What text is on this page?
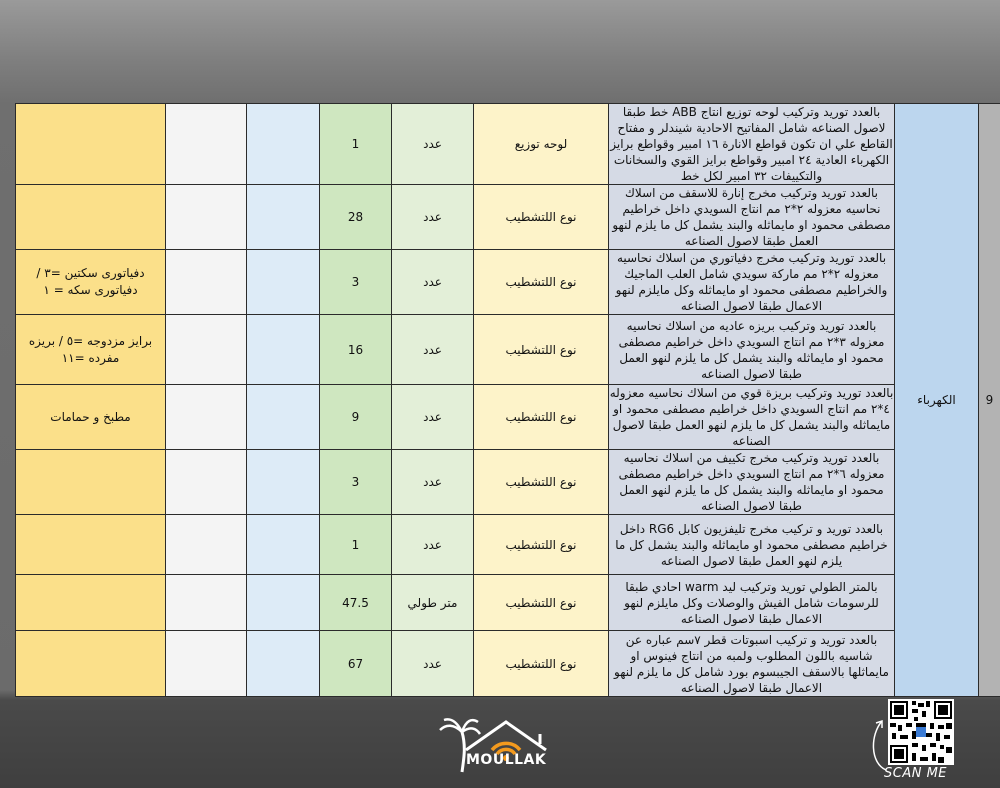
			1	عدد	لوحه توزيع	بالعدد توريد وتركيب لوحه توزيع انتاج ABB خط طبقا لاصول الصناعه شامل المفاتيح الاحادية شيندلر و مفتاح القاطع علي ان تكون قواطع الانارة ١٦ امبير وقواطع برايز الكهرباء العادية ٢٤ امبير وقواطع برايز القوي والسخانات والتكييفات ٣٢ امبير لكل خط	الكهرباء	9
			28	عدد	نوع اللتشطيب	بالعدد توريد وتركيب مخرج إنارة للاسقف من اسلاك نحاسيه معزوله ٢*٢ مم انتاج السويدي داخل خراطيم مصطفى محمود او مايماثله والبند يشمل كل ما يلزم لنهو العمل طبقا لاصول الصناعه		
دفياتورى سكتين =٣ / دفياتورى سكه = ١			3	عدد	نوع اللتشطيب	بالعدد توريد وتركيب مخرج دفياتوري من اسلاك نحاسيه معزوله ٢*٢ مم ماركة سويدي شامل العلب الماجيك والخراطيم مصطفى محمود او مايماثله وكل مايلزم لنهو الاعمال طبقا لاصول الصناعه		
برايز مزدوجه =٥ / بريزه مفرده =١١			16	عدد	نوع اللتشطيب	بالعدد توريد وتركيب بريزه عاديه من اسلاك نحاسيه معزوله ٣*٢ مم انتاج السويدي داخل خراطيم مصطفى محمود او مايماثله والبند يشمل كل ما يلزم لنهو العمل طبقا لاصول الصناعه		
مطبخ و حمامات			9	عدد	نوع اللتشطيب	بالعدد توريد وتركيب بريزة قوي من اسلاك نحاسيه معزوله ٤*٢ مم انتاج السويدي داخل خراطيم مصطفى محمود او مايماثله والبند يشمل كل ما يلزم لنهو العمل طبقا لاصول الصناعه		
			3	عدد	نوع اللتشطيب	بالعدد توريد وتركيب مخرج تكييف من اسلاك نحاسيه معزوله ٦*٢ مم انتاج السويدي داخل خراطيم مصطفى محمود او مايماثله والبند يشمل كل ما يلزم لنهو العمل طبقا لاصول الصناعه		
			1	عدد	نوع اللتشطيب	بالعدد توريد و تركيب مخرج تليفزيون كابل RG6 داخل خراطيم مصطفى محمود او مايماثله والبند يشمل كل ما يلزم لنهو العمل طبقا لاصول الصناعه		
			47.5	متر طولي	نوع اللتشطيب	بالمتر الطولي توريد وتركيب ليد warm احادي طبقا للرسومات شامل الفيش والوصلات وكل مايلزم لنهو الاعمال طبقا لاصول الصناعه		
			67	عدد	نوع اللتشطيب	بالعدد توريد و تركيب اسبوتات قطر ٧سم عباره عن شاسيه باللون المطلوب ولمبه من انتاج فينوس او مايماثلها بالاسقف الجيبسوم بورد شامل كل ما يلزم لنهو الاعمال طبقا لاصول الصناعه		
MOULLAK
SCAN ME
